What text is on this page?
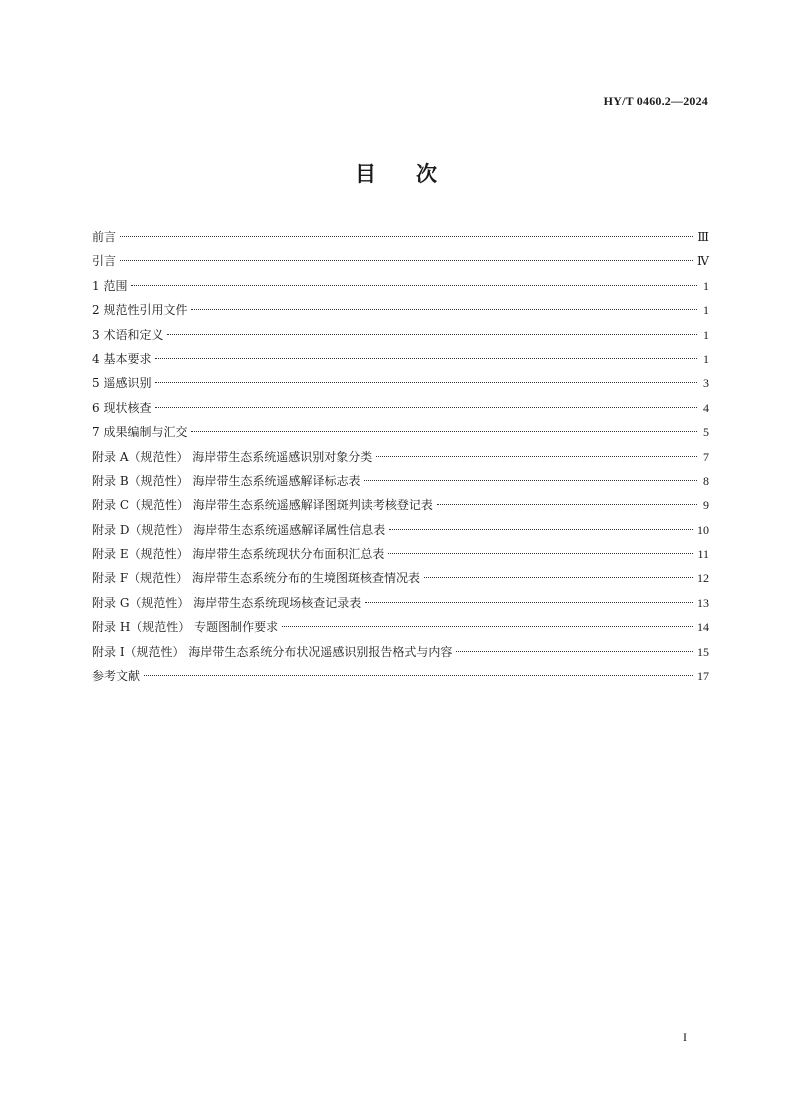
HY/T 0460.2—2024
目次
前言	Ⅲ
引言	Ⅳ
1 范围	1
2 规范性引用文件	1
3 术语和定义	1
4 基本要求	1
5 遥感识别	3
6 现状核查	4
7 成果编制与汇交	5
附录 A（规范性） 海岸带生态系统遥感识别对象分类	7
附录 B（规范性） 海岸带生态系统遥感解译标志表	8
附录 C（规范性） 海岸带生态系统遥感解译图斑判读考核登记表	9
附录 D（规范性） 海岸带生态系统遥感解译属性信息表	10
附录 E（规范性） 海岸带生态系统现状分布面积汇总表	11
附录 F（规范性） 海岸带生态系统分布的生境图斑核查情况表	12
附录 G（规范性） 海岸带生态系统现场核查记录表	13
附录 H（规范性） 专题图制作要求	14
附录 I（规范性） 海岸带生态系统分布状况遥感识别报告格式与内容	15
参考文献	17
I
